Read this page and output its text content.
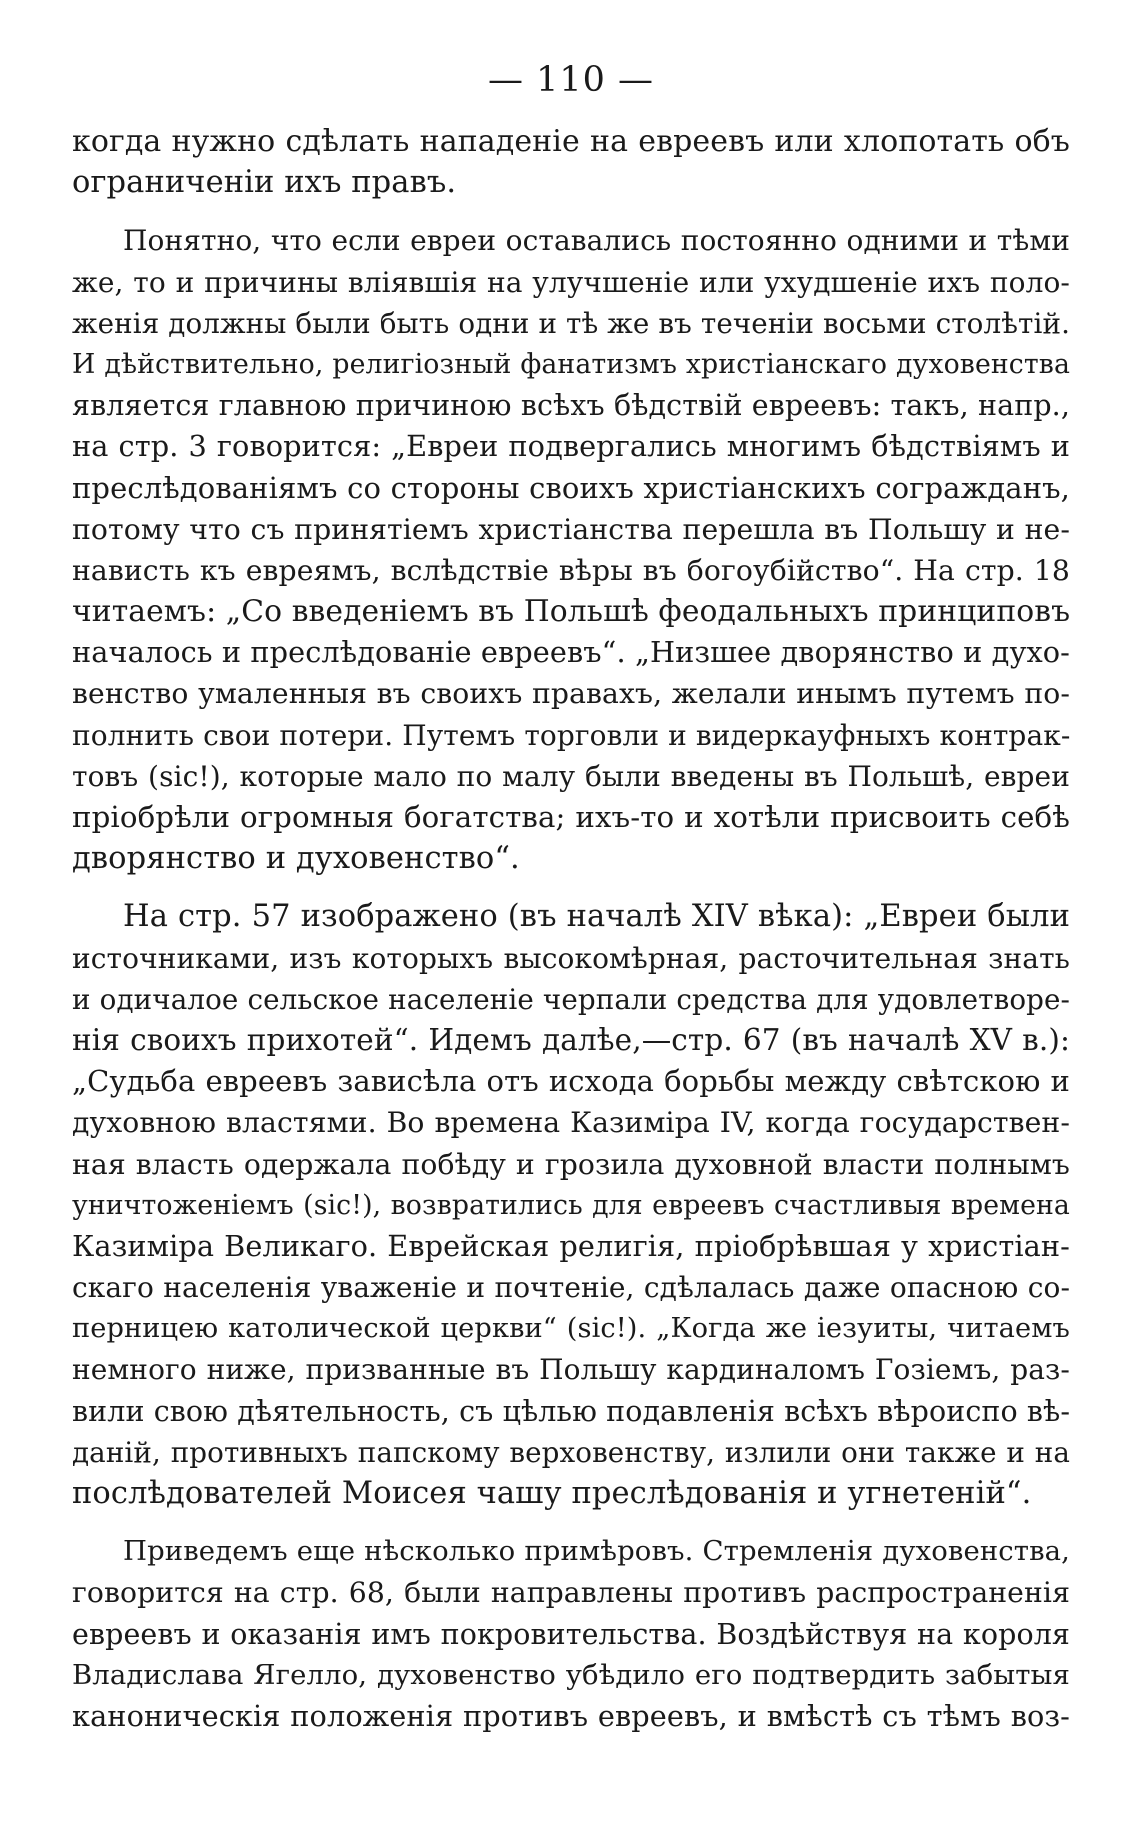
— 110 —
когда нужно сдѣлать нападеніе на евреевъ или хлопотать объ
ограниченіи ихъ правъ.
Понятно, что если евреи оставались постоянно одними и тѣми
же, то и причины вліявшія на улучшеніе или ухудшеніе ихъ поло-
женія должны были быть одни и тѣ же въ теченіи восьми столѣтій.
И дѣйствительно, религіозный фанатизмъ христіанскаго духовенства
является главною причиною всѣхъ бѣдствій евреевъ: такъ, напр.,
на стр. 3 говорится: „Евреи подвергались многимъ бѣдствіямъ и
преслѣдованіямъ со стороны своихъ христіанскихъ согражданъ,
потому что съ принятіемъ христіанства перешла въ Польшу и не-
нависть къ евреямъ, вслѣдствіе вѣры въ богоубійство“. На стр. 18
читаемъ: „Со введеніемъ въ Польшѣ феодальныхъ принциповъ
началось и преслѣдованіе евреевъ“. „Низшее дворянство и духо-
венство умаленныя въ своихъ правахъ, желали инымъ путемъ по-
полнить свои потери. Путемъ торговли и видеркауфныхъ контрак-
товъ (sic!), которые мало по малу были введены въ Польшѣ, евреи
пріобрѣли огромныя богатства; ихъ-то и хотѣли присвоить себѣ
дворянство и духовенство“.
На стр. 57 изображено (въ началѣ XIV вѣка): „Евреи были
источниками, изъ которыхъ высокомѣрная, расточительная знать
и одичалое сельское населеніе черпали средства для удовлетворе-
нія своихъ прихотей“. Идемъ далѣе,—стр. 67 (въ началѣ XV в.):
„Судьба евреевъ зависѣла отъ исхода борьбы между свѣтскою и
духовною властями. Во времена Казиміра IV, когда государствен-
ная власть одержала побѣду и грозила духовной власти полнымъ
уничтоженіемъ (sic!), возвратились для евреевъ счастливыя времена
Казиміра Великаго. Еврейская религія, пріобрѣвшая у христіан-
скаго населенія уваженіе и почтеніе, сдѣлалась даже опасною со-
перницею католической церкви“ (sic!). „Когда же іезуиты, читаемъ
немного ниже, призванные въ Польшу кардиналомъ Гозіемъ, раз-
вили свою дѣятельность, съ цѣлью подавленія всѣхъ вѣроиспо вѣ-
даній, противныхъ папскому верховенству, излили они также и на
послѣдователей Моисея чашу преслѣдованія и угнетеній“.
Приведемъ еще нѣсколько примѣровъ. Стремленія духовенства,
говорится на стр. 68, были направлены противъ распространенія
евреевъ и оказанія имъ покровительства. Воздѣйствуя на короля
Владислава Ягелло, духовенство убѣдило его подтвердить забытыя
каноническія положенія противъ евреевъ, и вмѣстѣ съ тѣмъ воз-
